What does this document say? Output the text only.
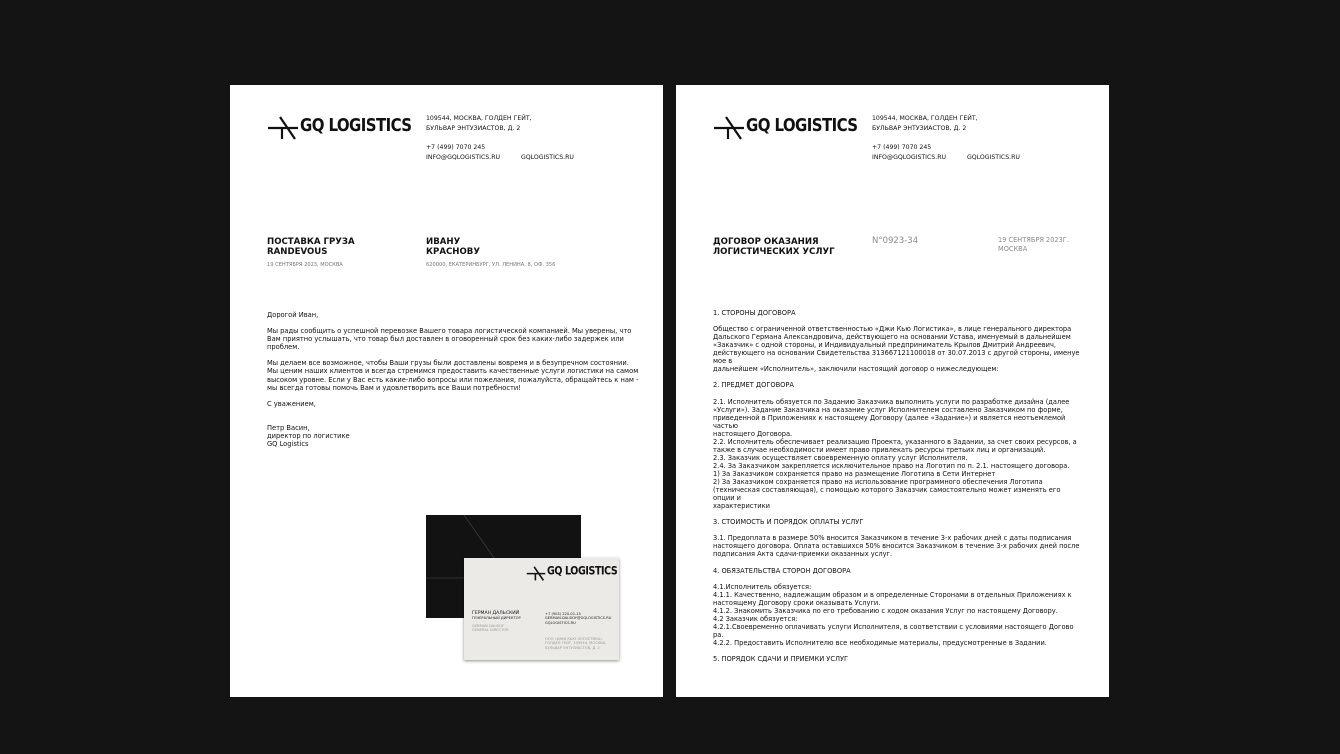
GQ LOGISTICS 109544, МОСКВА, ГОЛДЕН ГЕЙТ,
БУЛЬВАР ЭНТУЗИАСТОВ, Д. 2
+7 (499) 7070 245
INFO@GQLOGISTICS.RU	GQLOGISTICS.RU
ПОСТАВКА ГРУЗА
RANDEVOUS
19 СЕНТЯБРЯ 2023, МОСКВА
ИВАНУ
КРАСНОВУ
620000, ЕКАТЕРИНБУРГ, УЛ. ЛЕНИНА, 8, ОФ. 356

Дорогой Иван,

Мы рады сообщить о успешной перевозке Вашего товара логистической компанией. Мы уверены, что Вам приятно услышать, что товар был доставлен в оговоренный срок без каких-либо задержек или проблем.

Мы делаем все возможное, чтобы Ваши грузы были доставлены вовремя и в безупречном состоянии. Мы ценим наших клиентов и всегда стремимся предоставить качественные услуги логистики на самом высоком уровне. Если у Вас есть какие-либо вопросы или пожелания, пожалуйста, обращайтесь к нам - мы всегда готовы помочь Вам и удовлетворить все Ваши потребности!

С уважением,

Петр Васин,
директор по логистике
GQ Logistics
GQ LOGISTICS
ГЕРМАН ДАЛЬСКИЙ
ГЕНЕРАЛЬНЫЙ ДИРЕКТОР
GERMAN DALSKIY
GENERAL DIRECTOR
+7 (903) 220-01-15
GERMAN.DALSKIY@GQLOGISTICS.RU
GQLOGISTICS.RU
ООО «ДЖИ КЬЮ ЛОГИСТИКА»
ГОЛДЕН ГЕЙТ, 109544, МОСКВА,
БУЛЬВАР ЭНТУЗИАСТОВ, Д. 2
GQ LOGISTICS 109544, МОСКВА, ГОЛДЕН ГЕЙТ,
БУЛЬВАР ЭНТУЗИАСТОВ, Д. 2
+7 (499) 7070 245
INFO@GQLOGISTICS.RU	GQLOGISTICS.RU
ДОГОВОР ОКАЗАНИЯ
ЛОГИСТИЧЕСКИХ УСЛУГ
N°0923-34	19 СЕНТЯБРЯ 2023Г.
МОСКВА
1. СТОРОНЫ ДОГОВОРА
Общество с ограниченной ответственностью «Джи Кью Логистика», в лице генерального директора
Дальского Германа Александровича, действующего на основании Устава, именуемый в дальнейшем
«Заказчик» с одной стороны, и Индивидуальный предприниматель Крылов Дмитрий Андреевич,
действующего на основании Свидетельства 313667121100018 от 30.07.2013 с другой стороны, именуе
мое в
дальнейшем «Исполнитель», заключили настоящий договор о нижеследующем:
2. ПРЕДМЕТ ДОГОВОРА
2.1. Исполнитель обязуется по Заданию Заказчика выполнить услуги по разработке дизайна (далее
«Услуги»). Задание Заказчика на оказание услуг Исполнителем составлено Заказчиком по форме,
приведенной в Приложениях к настоящему Договору (далее «Задание») и является неотъемлемой
частью
настоящего Договора.
2.2. Исполнитель обеспечивает реализацию Проекта, указанного в Задании, за счет своих ресурсов, а
также в случае необходимости имеет право привлекать ресурсы третьих лиц и организаций.
2.3. Заказчик осуществляет своевременную оплату услуг Исполнителя.
2.4. За Заказчиком закрепляется исключительное право на Логотип по п. 2.1. настоящего договора.
1) За Заказчиком сохраняется право на размещение Логотипа в Сети Интернет
2) За Заказчиком сохраняется право на использование программного обеспечения Логотипа
(техническая составляющая), с помощью которого Заказчик самостоятельно может изменять его
опции и
характеристики
3. СТОИМОСТЬ И ПОРЯДОК ОПЛАТЫ УСЛУГ
3.1. Предоплата в размере 50% вносится Заказчиком в течение 3-х рабочих дней с даты подписания
настоящего договора. Оплата оставшихся 50% вносится Заказчиком в течение 3-х рабочих дней после
подписания Акта сдачи-приемки оказанных услуг.
4. ОБЯЗАТЕЛЬСТВА СТОРОН ДОГОВОРА
4.1.Исполнитель обязуется:
4.1.1. Качественно, надлежащим образом и в определенные Сторонами в отдельных Приложениях к
настоящему Договору сроки оказывать Услуги.
4.1.2. Знакомить Заказчика по его требованию с ходом оказания Услуг по настоящему Договору.
4.2 Заказчик обязуется:
4.2.1.Своевременно оплачивать услуги Исполнителя, в соответствии с условиями настоящего Догово
ра.
4.2.2. Предоставить Исполнителю все необходимые материалы, предусмотренные в Задании.
5. ПОРЯДОК СДАЧИ И ПРИЕМКИ УСЛУГ
